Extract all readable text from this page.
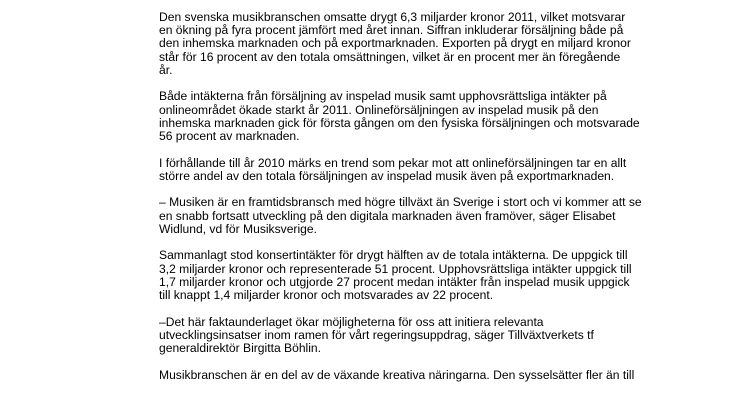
Den svenska musikbranschen omsatte drygt 6,3 miljarder kronor 2011, vilket motsvarar
en ökning på fyra procent jämfört med året innan. Siffran inkluderar försäljning både på
den inhemska marknaden och på exportmarknaden. Exporten på drygt en miljard kronor
står för 16 procent av den totala omsättningen, vilket är en procent mer än föregående
år.

Både intäkterna från försäljning av inspelad musik samt upphovsrättsliga intäkter på
onlineområdet ökade starkt år 2011. Onlineförsäljningen av inspelad musik på den
inhemska marknaden gick för första gången om den fysiska försäljningen och motsvarade
56 procent av marknaden.

I förhållande till år 2010 märks en trend som pekar mot att onlineförsäljningen tar en allt
större andel av den totala försäljningen av inspelad musik även på exportmarknaden.

– Musiken är en framtidsbransch med högre tillväxt än Sverige i stort och vi kommer att se
en snabb fortsatt utveckling på den digitala marknaden även framöver, säger Elisabet
Widlund, vd för Musiksverige.

Sammanlagt stod konsertintäkter för drygt hälften av de totala intäkterna. De uppgick till
3,2 miljarder kronor och representerade 51 procent. Upphovsrättsliga intäkter uppgick till
1,7 miljarder kronor och utgjorde 27 procent medan intäkter från inspelad musik uppgick
till knappt 1,4 miljarder kronor och motsvarades av 22 procent.

–Det här faktaunderlaget ökar möjligheterna för oss att initiera relevanta
utvecklingsinsatser inom ramen för vårt regeringsuppdrag, säger Tillväxtverkets tf
generaldirektör Birgitta Böhlin.

Musikbranschen är en del av de växande kreativa näringarna. Den sysselsätter fler än till
